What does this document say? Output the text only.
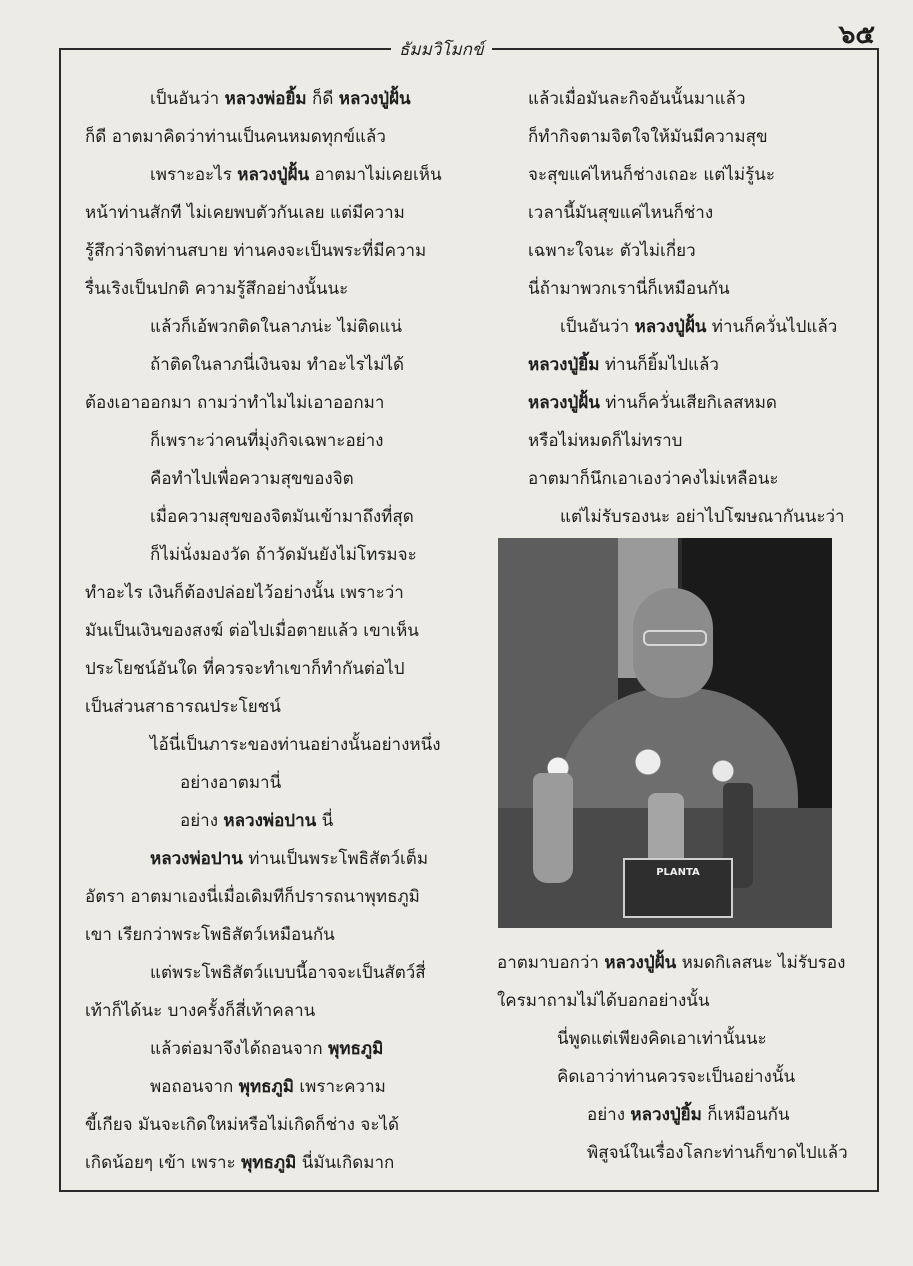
๖๕
ธัมมวิโมกข์
เป็นอันว่า หลวงพ่อยิ้ม ก็ดี หลวงปู่ฝั้น
ก็ดี อาตมาคิดว่าท่านเป็นคนหมดทุกข์แล้ว
เพราะอะไร หลวงปู่ฝั้น อาตมาไม่เคยเห็น
หน้าท่านสักที ไม่เคยพบตัวกันเลย แต่มีความ
รู้สึกว่าจิตท่านสบาย ท่านคงจะเป็นพระที่มีความ
รื่นเริงเป็นปกติ ความรู้สึกอย่างนั้นนะ
แล้วก็เอ้พวกติดในลาภน่ะ ไม่ติดแน่
ถ้าติดในลาภนี่เงินจม ทำอะไรไม่ได้
ต้องเอาออกมา ถามว่าทำไมไม่เอาออกมา
ก็เพราะว่าคนที่มุ่งกิจเฉพาะอย่าง
คือทำไปเพื่อความสุขของจิต
เมื่อความสุขของจิตมันเข้ามาถึงที่สุด
ก็ไม่นั่งมองวัด ถ้าวัดมันยังไม่โทรมจะ
ทำอะไร เงินก็ต้องปล่อยไว้อย่างนั้น เพราะว่า
มันเป็นเงินของสงฆ์ ต่อไปเมื่อตายแล้ว เขาเห็น
ประโยชน์อันใด ที่ควรจะทำเขาก็ทำกันต่อไป
เป็นส่วนสาธารณประโยชน์
ไอ้นี่เป็นภาระของท่านอย่างนั้นอย่างหนึ่ง
อย่างอาตมานี่
อย่าง หลวงพ่อปาน นี่
หลวงพ่อปาน ท่านเป็นพระโพธิสัตว์เต็ม
อัตรา อาตมาเองนี่เมื่อเดิมทีก็ปรารถนาพุทธภูมิ
เขา เรียกว่าพระโพธิสัตว์เหมือนกัน
แต่พระโพธิสัตว์แบบนี้อาจจะเป็นสัตว์สี่
เท้าก็ได้นะ บางครั้งก็สี่เท้าคลาน
แล้วต่อมาจึงได้ถอนจาก พุทธภูมิ
พอถอนจาก พุทธภูมิ เพราะความ
ขี้เกียจ มันจะเกิดใหม่หรือไม่เกิดก็ช่าง จะได้
เกิดน้อยๆ เข้า เพราะ พุทธภูมิ นี่มันเกิดมาก
แล้วเมื่อมันละกิจอันนั้นมาแล้ว
ก็ทำกิจตามจิตใจให้มันมีความสุข
จะสุขแค่ไหนก็ช่างเถอะ แต่ไม่รู้นะ
เวลานี้มันสุขแค่ไหนก็ช่าง
เฉพาะใจนะ ตัวไม่เกี่ยว
นี่ถ้ามาพวกเรานี่ก็เหมือนกัน
เป็นอันว่า หลวงปู่ฝั้น ท่านก็ควั่นไปแล้ว
หลวงปู่ยิ้ม ท่านก็ยิ้มไปแล้ว
หลวงปู่ฝั้น ท่านก็ควั่นเสียกิเลสหมด
หรือไม่หมดก็ไม่ทราบ
อาตมาก็นึกเอาเองว่าคงไม่เหลือนะ
แต่ไม่รับรองนะ อย่าไปโฆษณากันนะว่า
PLANTA
อาตมาบอกว่า หลวงปู่ฝั้น หมดกิเลสนะ ไม่รับรอง
ใครมาถามไม่ได้บอกอย่างนั้น
นี่พูดแต่เพียงคิดเอาเท่านั้นนะ
คิดเอาว่าท่านควรจะเป็นอย่างนั้น
อย่าง หลวงปู่ยิ้ม ก็เหมือนกัน
พิสูจน์ในเรื่องโลกะท่านก็ขาดไปแล้ว
